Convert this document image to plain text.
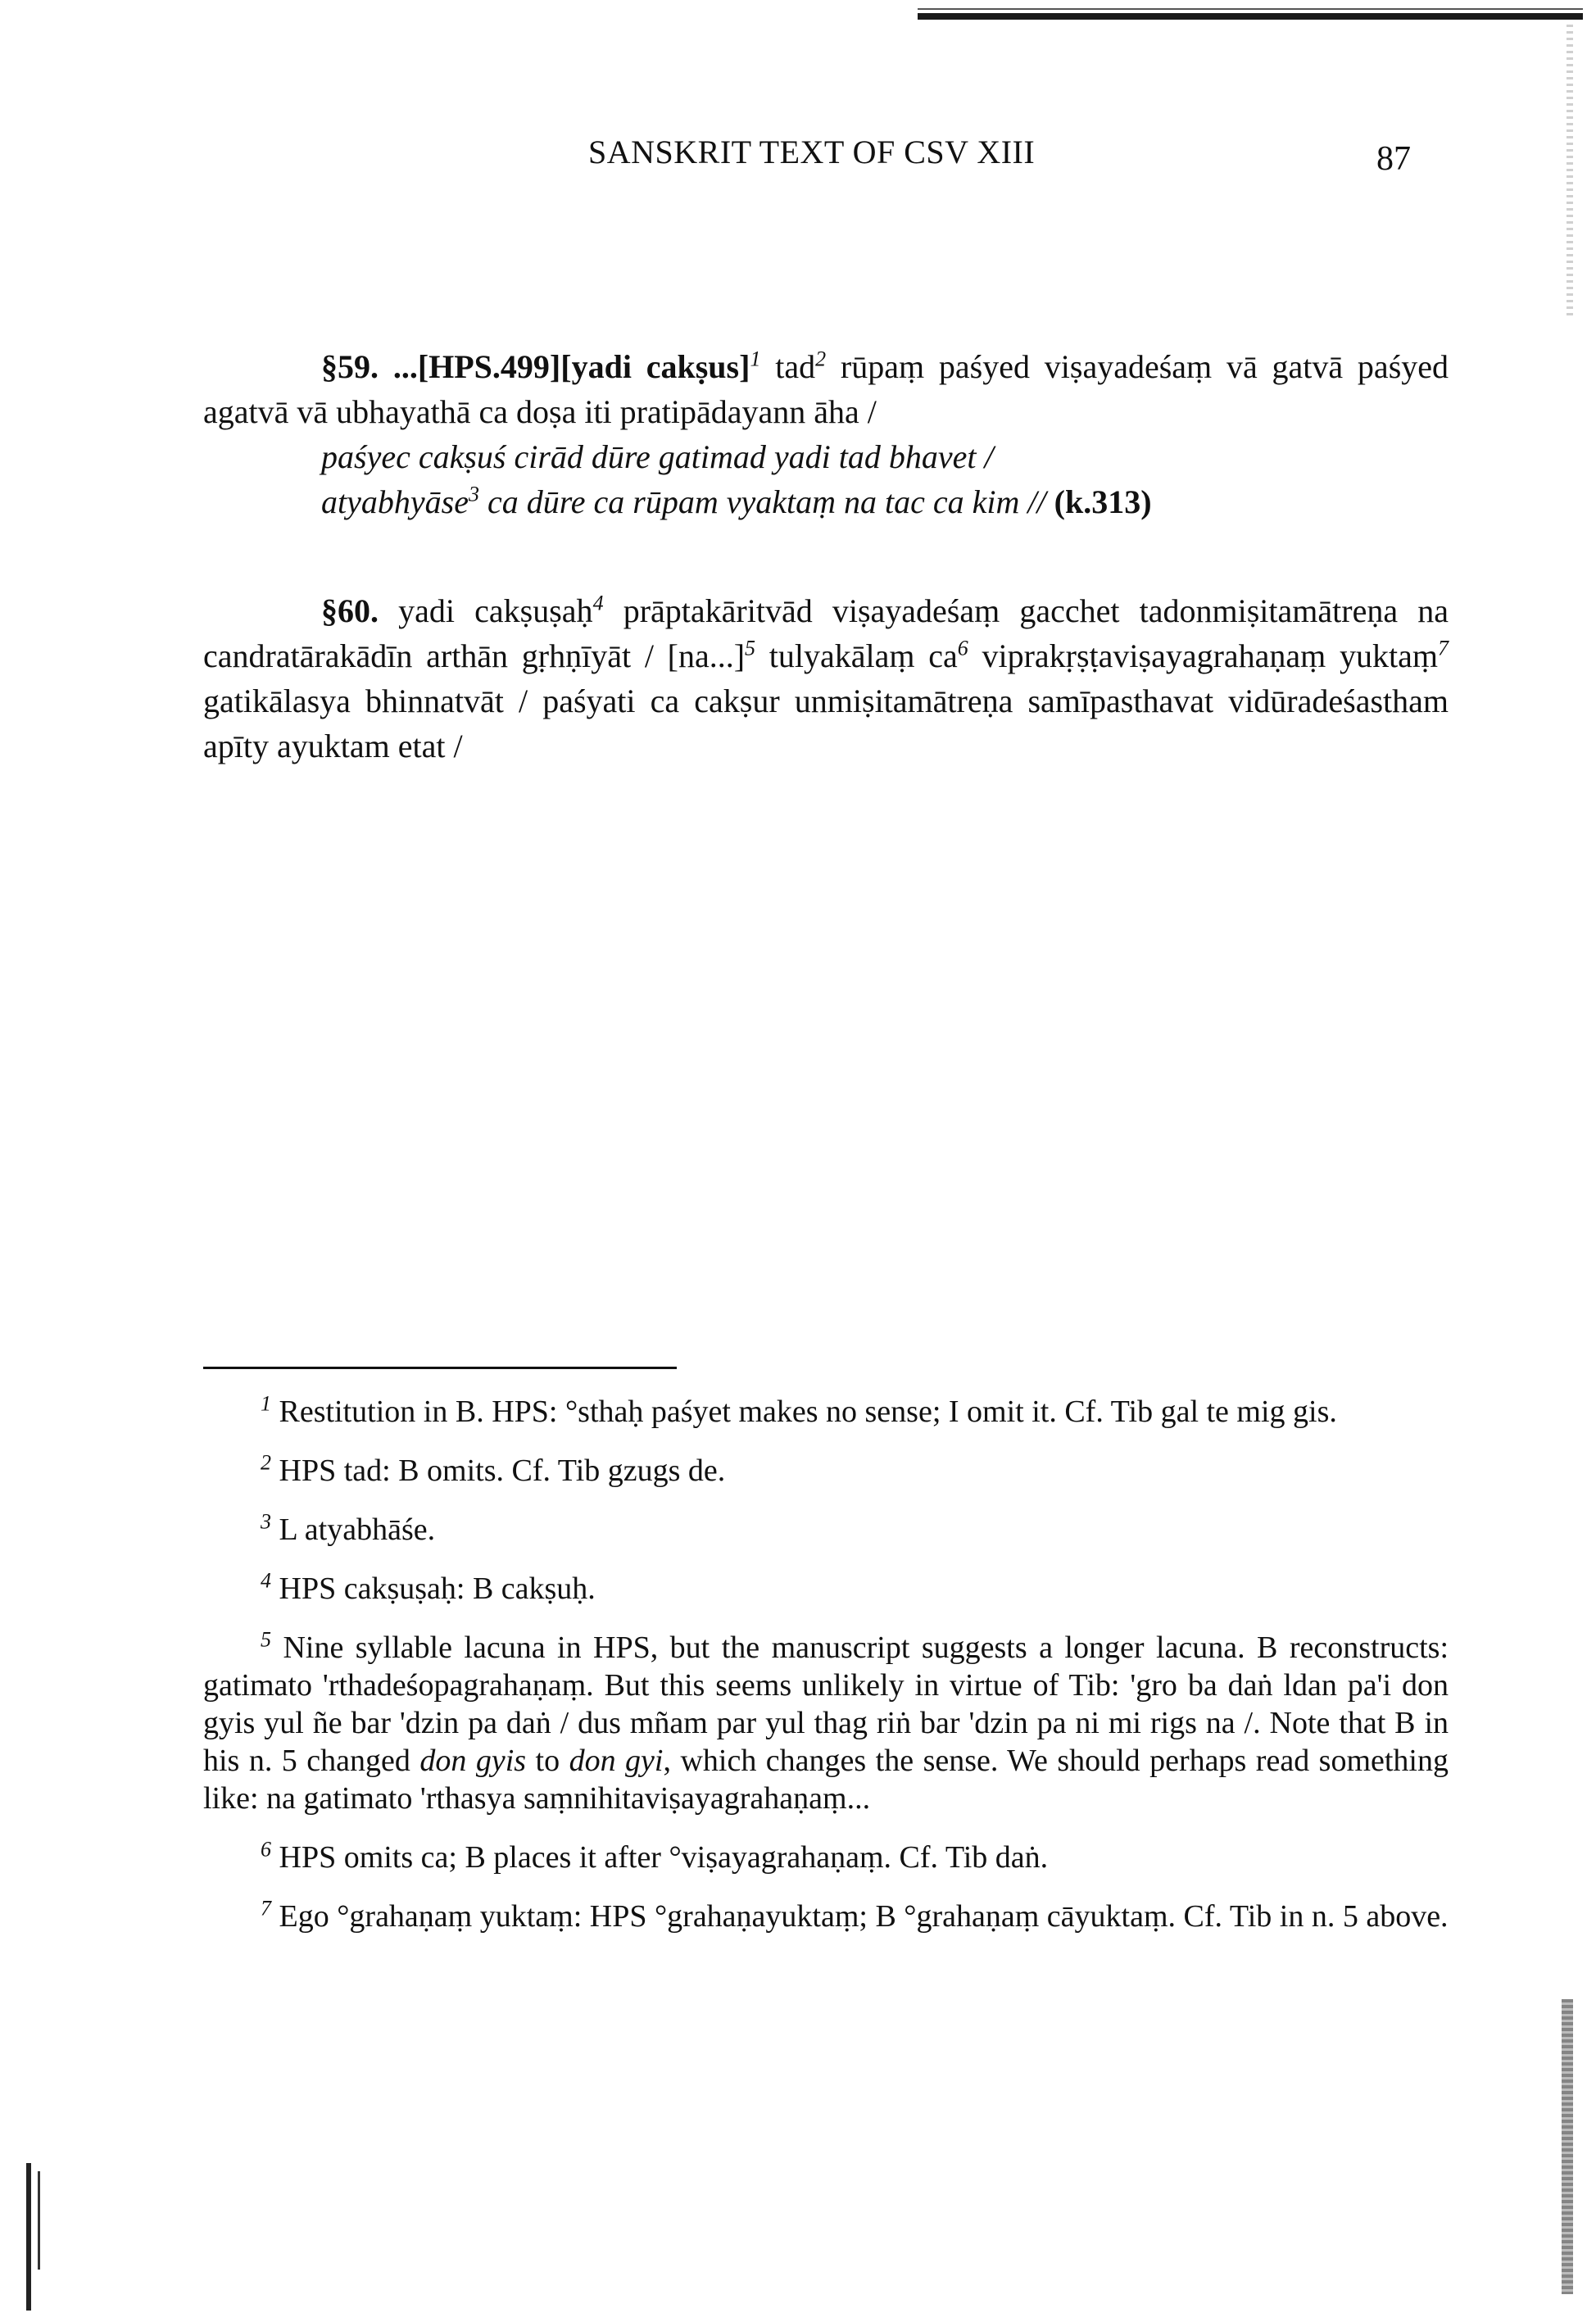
SANSKRIT TEXT OF CSV XIII	87

§59. ...[HPS.499][yadi cakṣus]$^1$ tad$^2$ rūpaṃ paśyed viṣayadeśaṃ vā gatvā paśyed agatvā vā ubhayathā ca doṣa iti pratipādayann āha /

paśyec cakṣuś cirād dūre gatimad yadi tad bhavet /

atyabhyāse$^3$ ca dūre ca rūpam vyaktaṃ na tac ca kim // (k.313)

§60. yadi cakṣuṣaḥ$^4$ prāptakāritvād viṣayadeśaṃ gacchet tadonmiṣitamātreṇa na candratārakādīn arthān gṛhṇīyāt / $[na...]^5$ tulyakālaṃ $ca^6$ viprakṛṣṭaviṣayagrahaṇaṃ yuktaṃ$^7$ gatikālasya bhinnatvāt / paśyati ca cakṣur unmiṣitamātreṇa samīpasthavat vidūradeśastham apīty ayuktam etat /

$^1$ Restitution in B. HPS: °sthaḥ paśyet makes no sense; I omit it. Cf. Tib gal te mig gis.

$^2$ HPS tad: B omits. Cf. Tib gzugs de.

$^3$ L atyabhāśe.

$^4$ HPS cakṣuṣaḥ: B cakṣuḥ.

$^5$ Nine syllable lacuna in HPS, but the manuscript suggests a longer lacuna. B reconstructs: gatimato 'rthadeśopagrahaṇaṃ. But this seems unlikely in virtue of Tib: 'gro ba daṅ ldan pa'i don gyis yul ñe bar 'dzin pa daṅ / dus mñam par yul thag riṅ bar 'dzin pa ni mi rigs na /. Note that B in his n. 5 changed don gyis to don gyi, which changes the sense. We should perhaps read something like: na gatimato 'rthasya saṃnihitaviṣayagrahaṇaṃ...

$^6$ HPS omits ca; B places it after °viṣayagrahaṇaṃ. Cf. Tib daṅ.

$^7$ Ego °grahaṇaṃ yuktaṃ: HPS °grahaṇayuktaṃ; B °grahaṇaṃ cāyuktaṃ. Cf. Tib in n. 5 above.
